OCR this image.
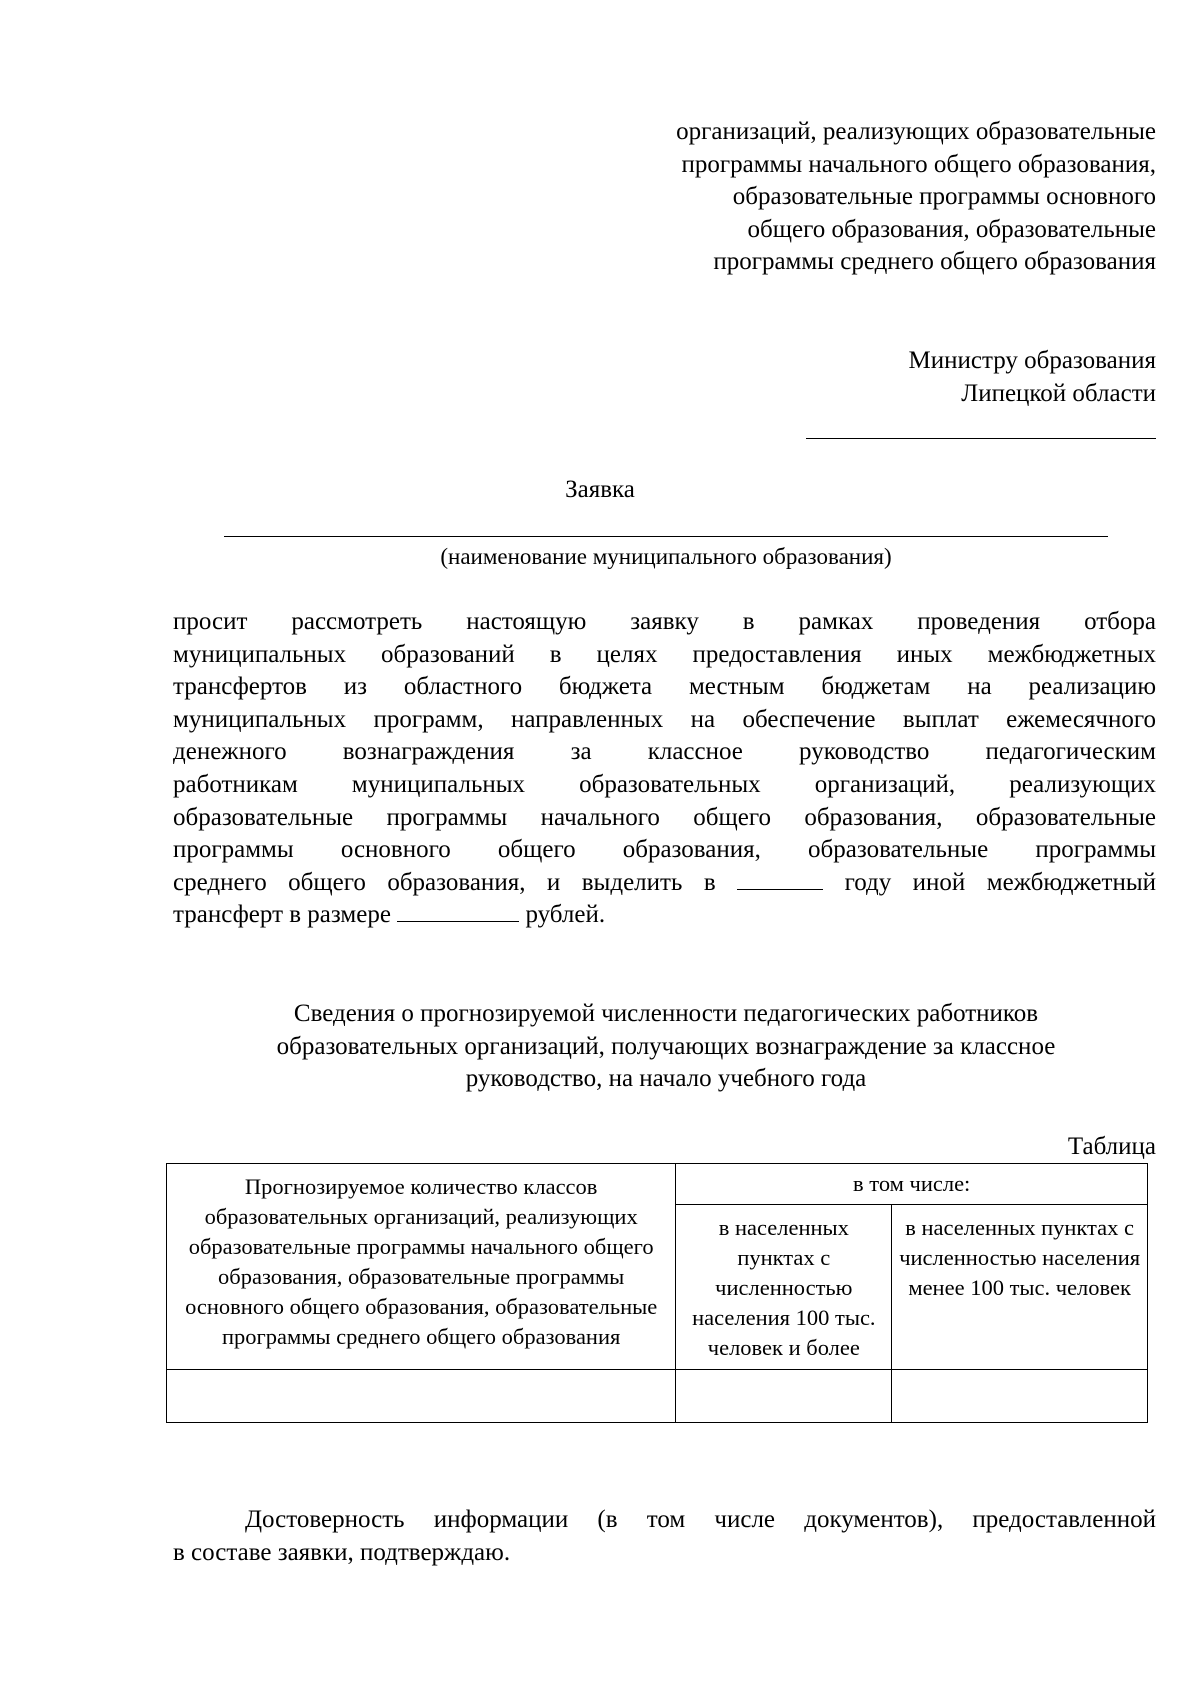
организаций, реализующих образовательные
программы начального общего образования,
образовательные программы основного
общего образования, образовательные
программы среднего общего образования
Министру образования
Липецкой области
Заявка
(наименование муниципального образования)
просит рассмотреть настоящую заявку в рамках проведения отбора
муниципальных образований в целях предоставления иных межбюджетных
трансфертов из областного бюджета местным бюджетам на реализацию
муниципальных программ, направленных на обеспечение выплат ежемесячного
денежного вознаграждения за классное руководство педагогическим
работникам муниципальных образовательных организаций, реализующих
образовательные программы начального общего образования, образовательные
программы основного общего образования, образовательные программы
среднего общего образования, и выделить в	году иной межбюджетный
трансферт в размере	рублей.
Сведения о прогнозируемой численности педагогических работников
образовательных организаций, получающих вознаграждение за классное
руководство, на начало учебного года
Таблица
Прогнозируемое количество классов образовательных организаций, реализующих образовательные программы начального общего образования, образовательные программы основного общего образования, образовательные программы среднего общего образования	в том числе:	
	в населенных пунктах с численностью населения 100 тыс. человек и более	в населенных пунктах с численностью населения менее 100 тыс. человек

Достоверность информации (в том числе документов), предоставленной
в составе заявки, подтверждаю.
